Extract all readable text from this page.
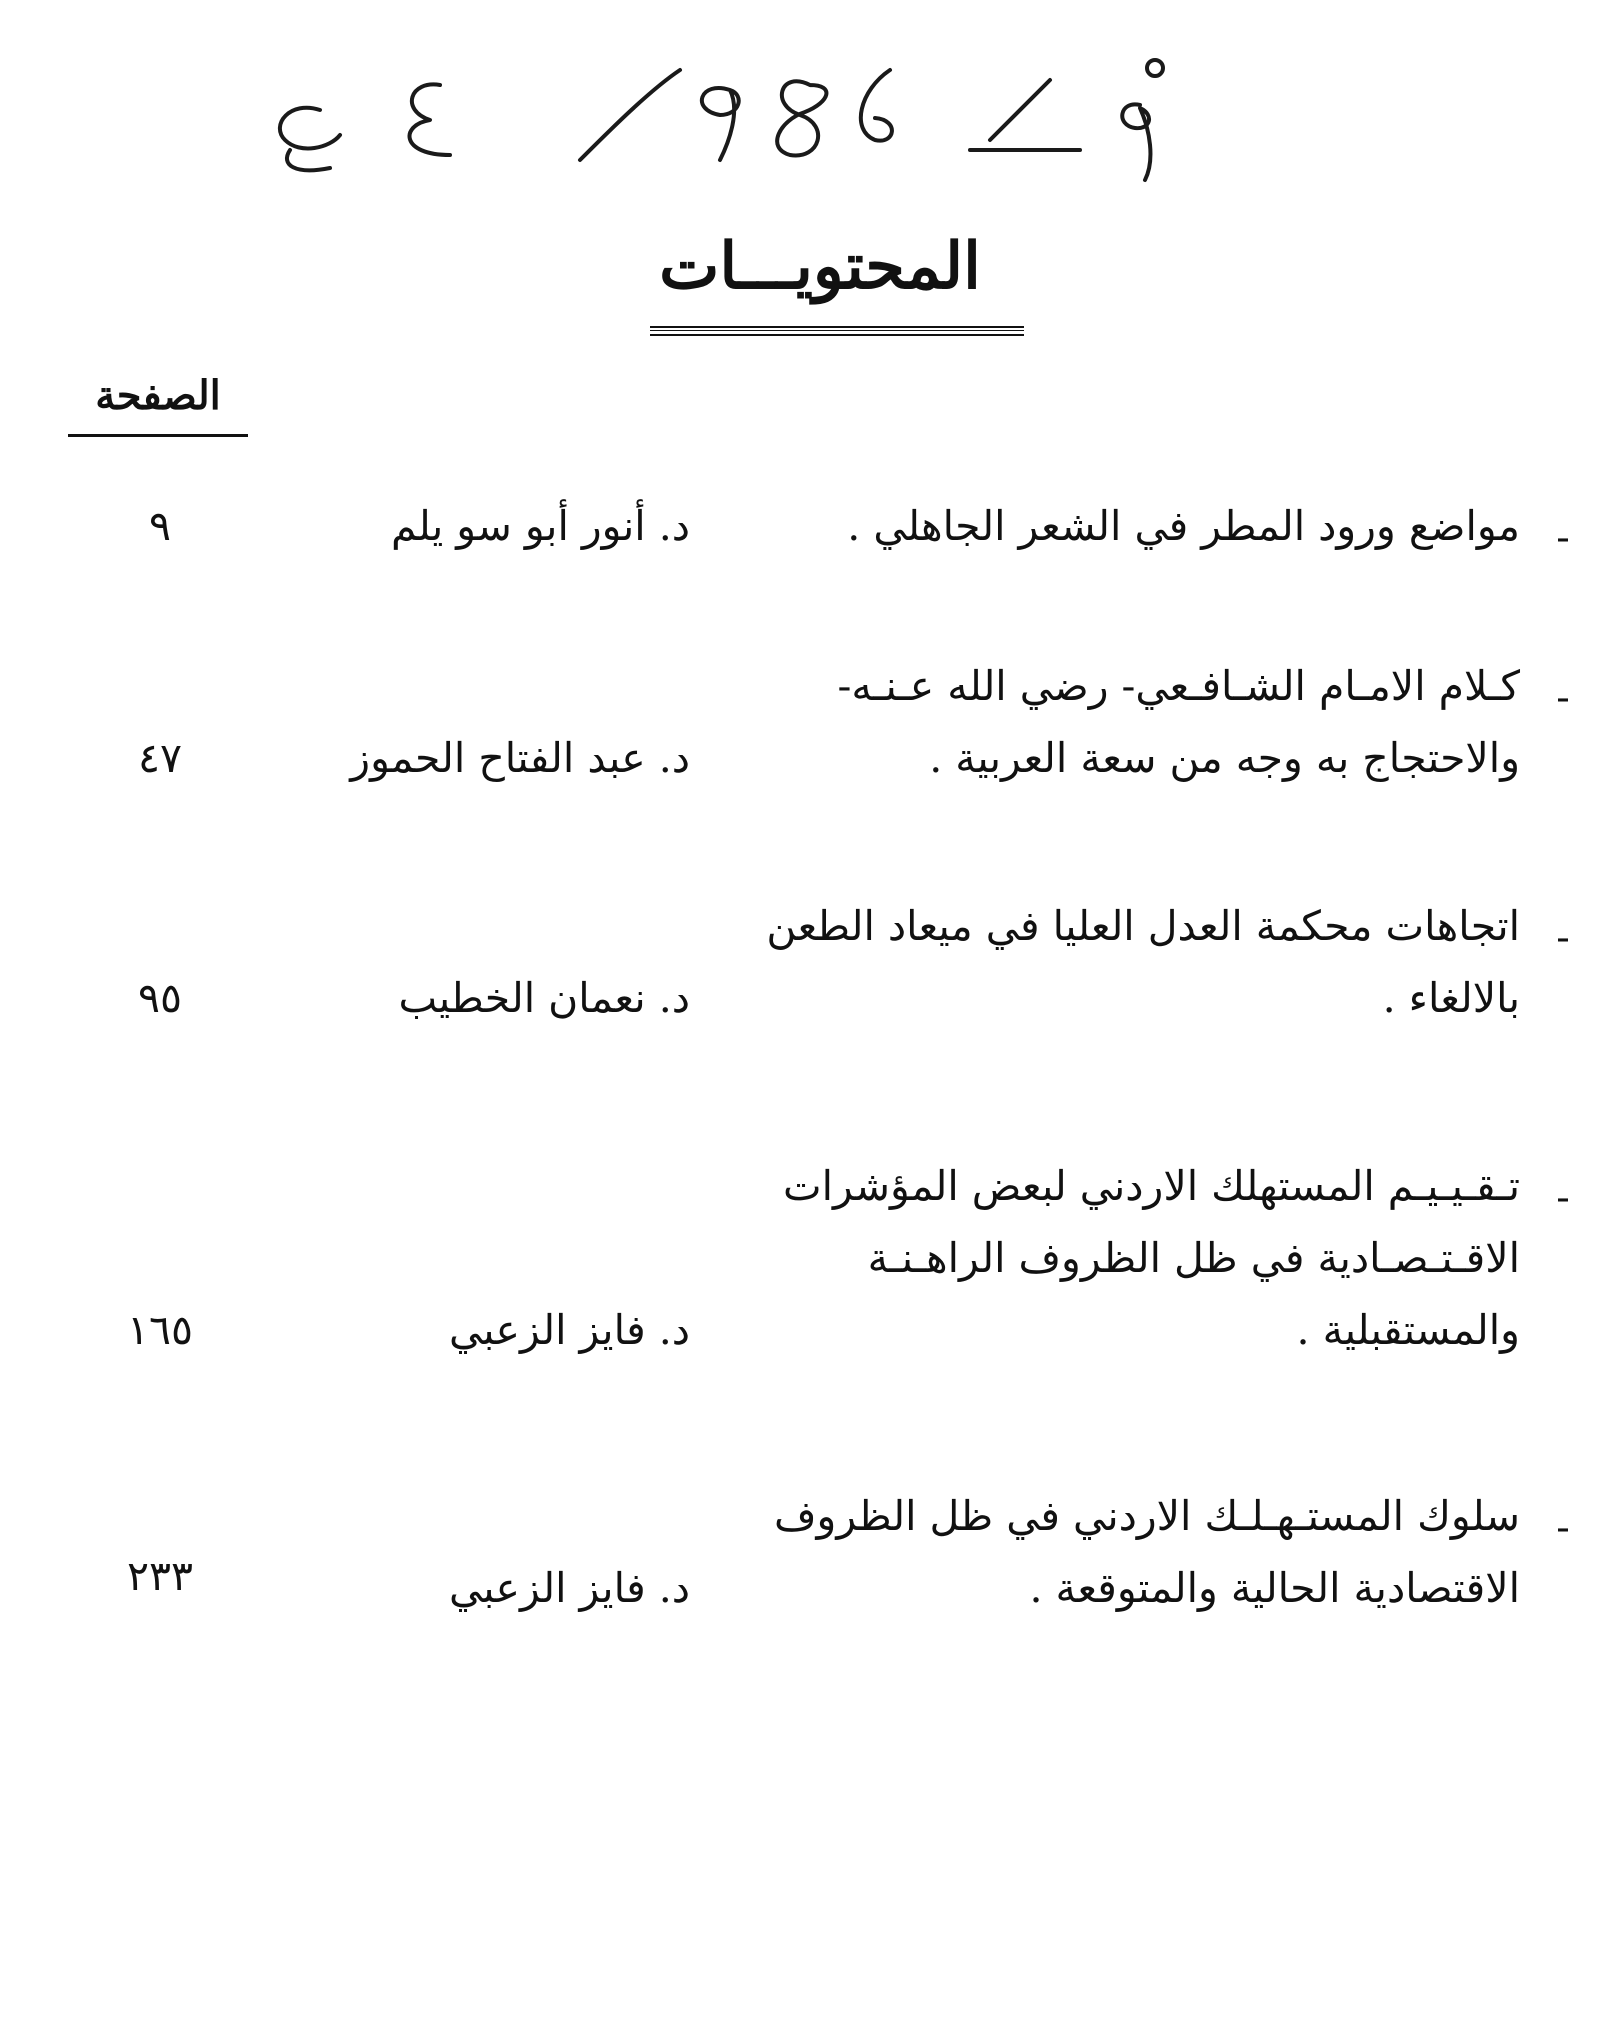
المحتويـــات
الصفحة
-
مواضع ورود المطر في الشعر الجاهلي .
د. أنور أبو سو يلم
٩
-
كـلام الامـام الشـافـعي- رضي الله عـنـه-
والاحتجاج به وجه من سعة العربية .
د. عبد الفتاح الحموز
٤٧
-
اتجاهات محكمة العدل العليا في ميعاد الطعن
بالالغاء .
د. نعمان الخطيب
٩٥
-
تـقـيـيـم المستهلك الاردني لبعض المؤشرات
الاقـتـصـادية في ظل الظروف الراهـنـة
والمستقبلية .
د. فايز الزعبي
١٦٥
-
سلوك المستـهـلـك الاردني في ظل الظروف
الاقتصادية الحالية والمتوقعة .
د. فايز الزعبي
٢٣٣
